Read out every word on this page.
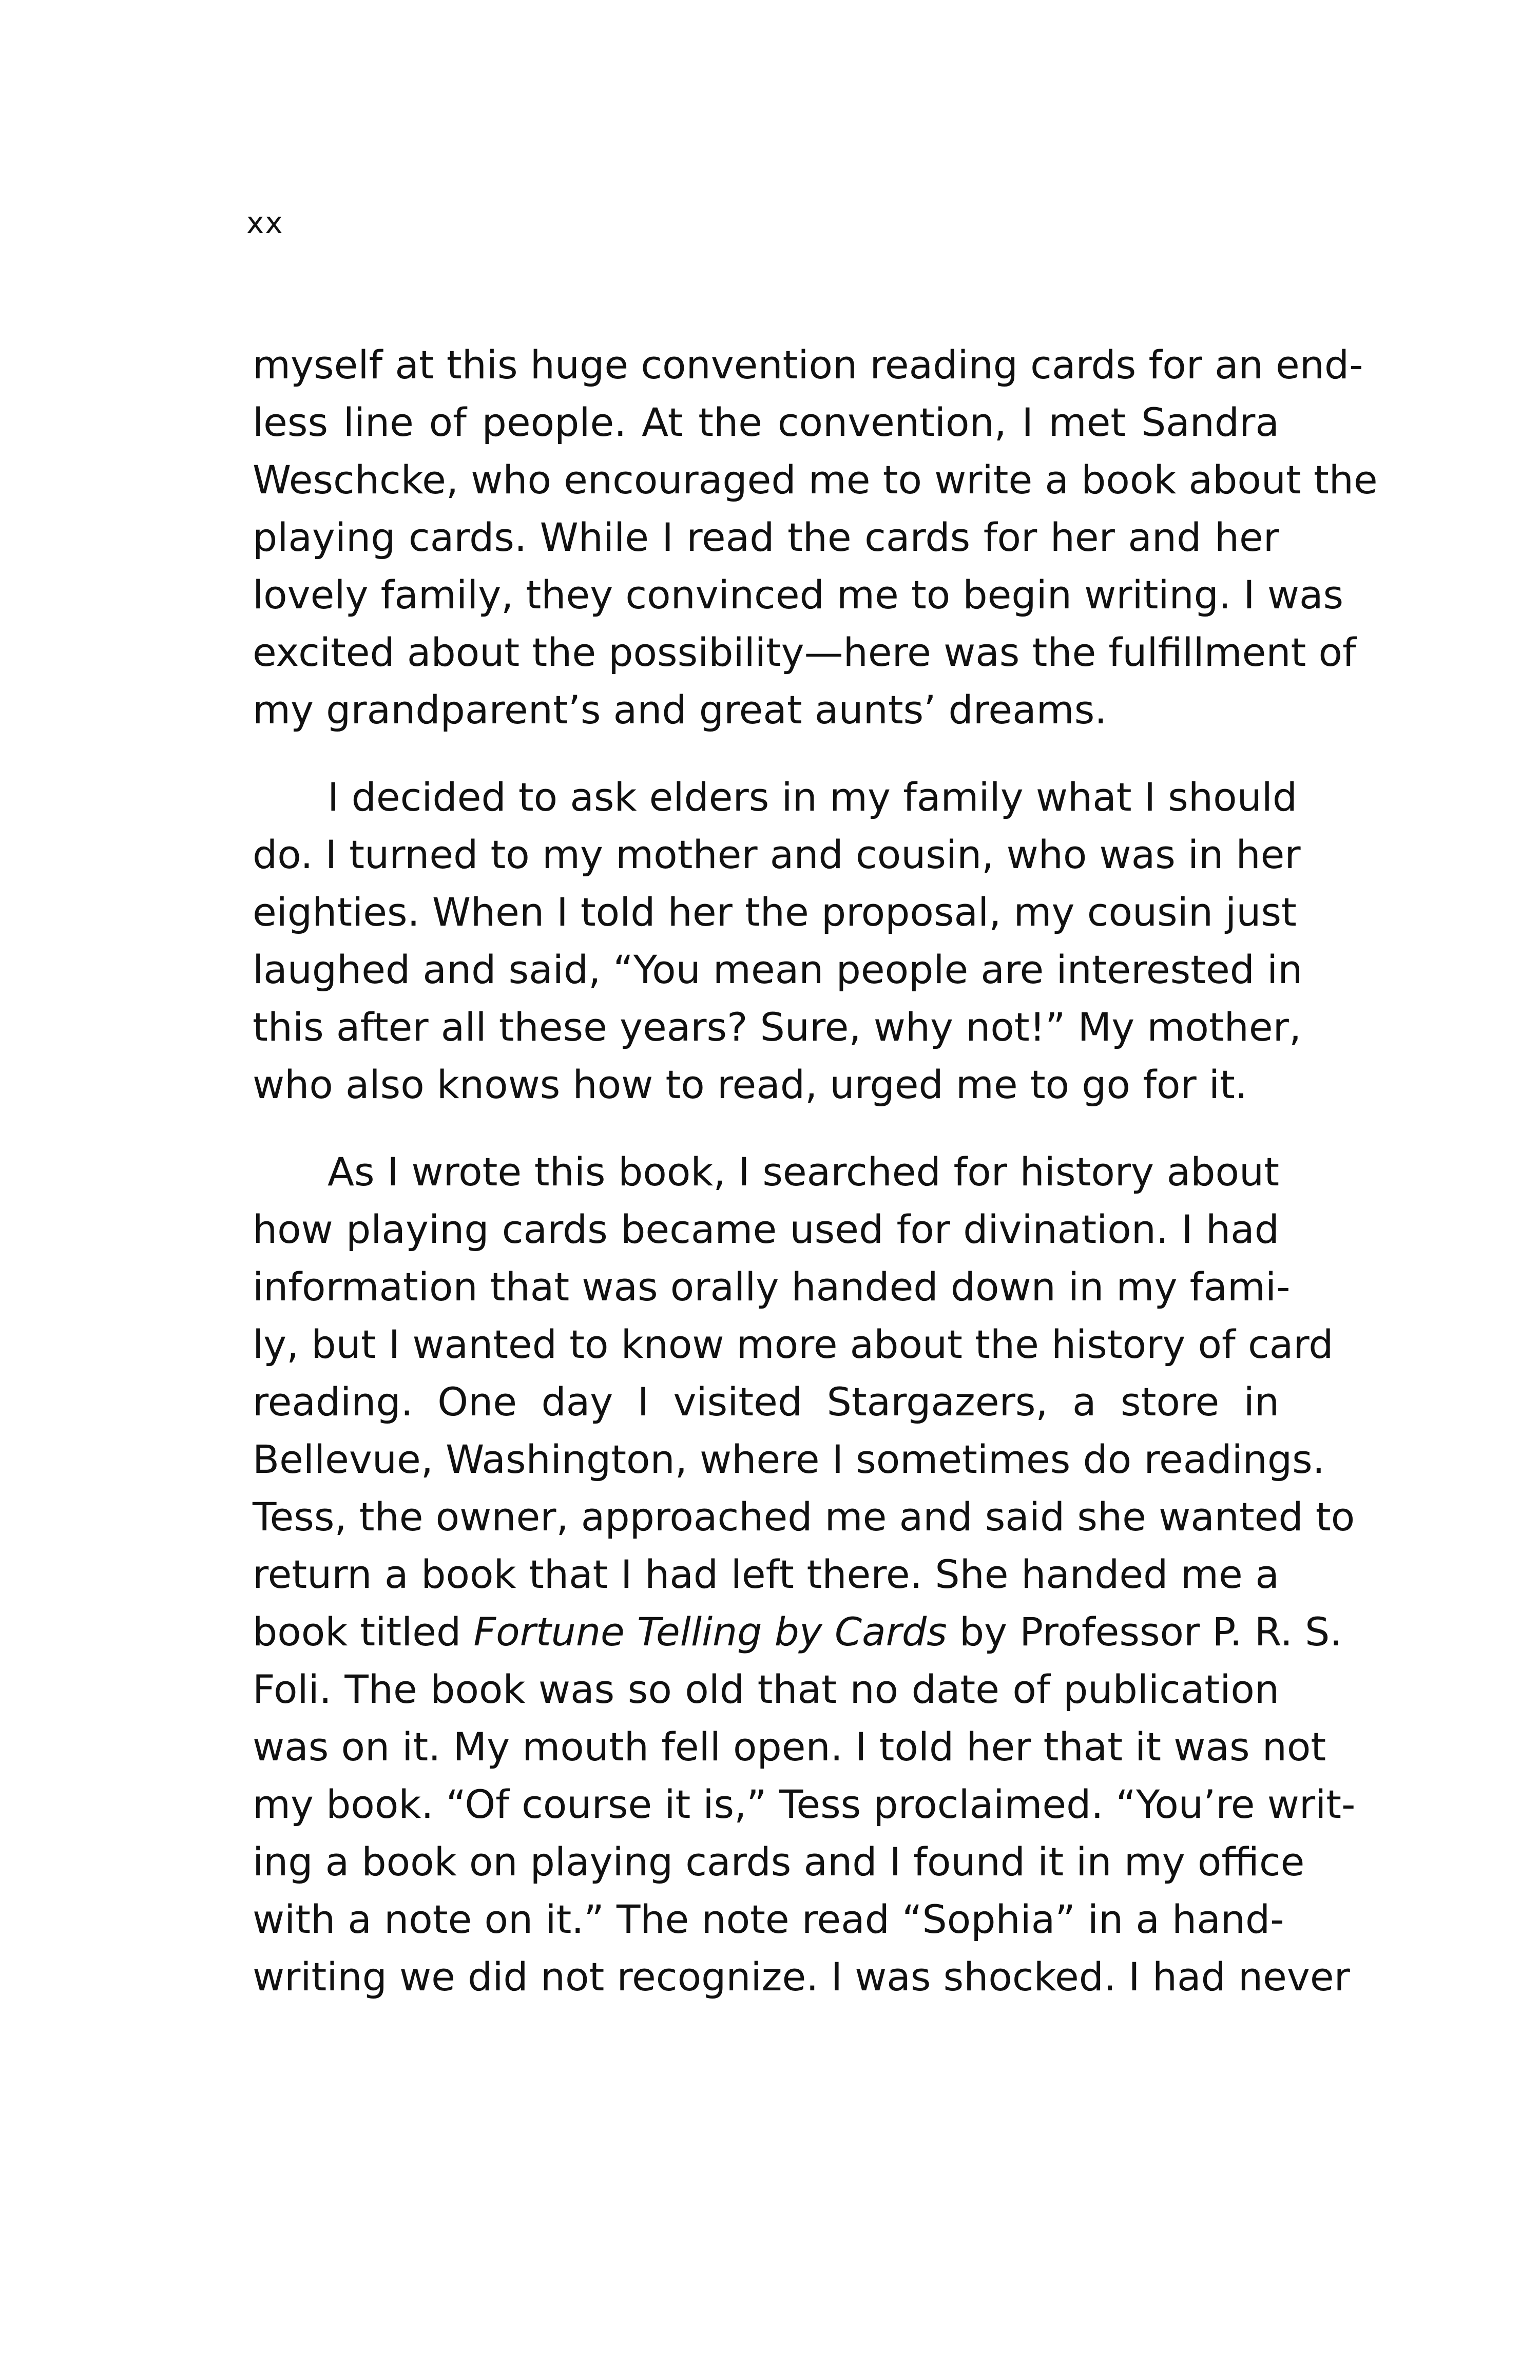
xx
myself at this huge convention reading cards for an end-
less line of people. At the convention, I met Sandra
Weschcke, who encouraged me to write a book about the
playing cards. While I read the cards for her and her
lovely family, they convinced me to begin writing. I was
excited about the possibility—here was the fulfillment of
my grandparent’s and great aunts’ dreams.
I decided to ask elders in my family what I should
do. I turned to my mother and cousin, who was in her
eighties. When I told her the proposal, my cousin just
laughed and said, “You mean people are interested in
this after all these years? Sure, why not!” My mother,
who also knows how to read, urged me to go for it.
As I wrote this book, I searched for history about
how playing cards became used for divination. I had
information that was orally handed down in my fami-
ly, but I wanted to know more about the history of card
reading. One day I visited Stargazers, a store in
Bellevue, Washington, where I sometimes do readings.
Tess, the owner, approached me and said she wanted to
return a book that I had left there. She handed me a
book titled Fortune Telling by Cards by Professor P. R. S.
Foli. The book was so old that no date of publication
was on it. My mouth fell open. I told her that it was not
my book. “Of course it is,” Tess proclaimed. “You’re writ-
ing a book on playing cards and I found it in my office
with a note on it.” The note read “Sophia” in a hand-
writing we did not recognize. I was shocked. I had never
